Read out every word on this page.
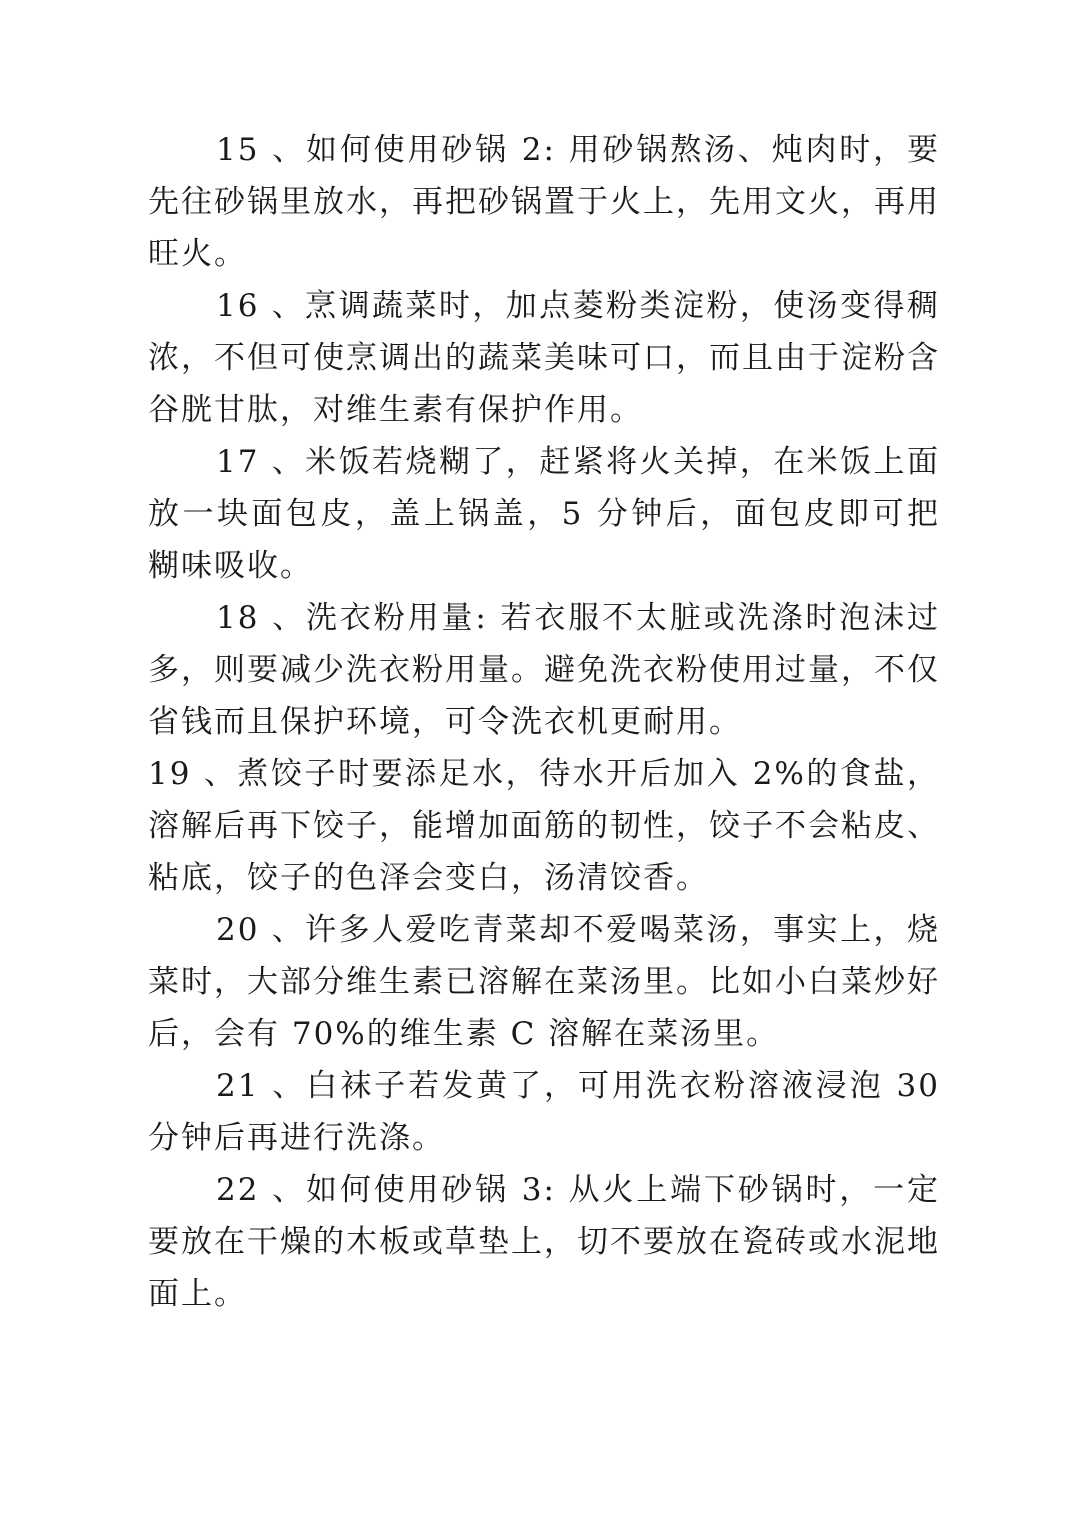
15 、如何使用砂锅 2: 用砂锅熬汤、炖肉时，要先往砂锅里放水，再把砂锅置于火上，先用文火，再用旺火。

16 、烹调蔬菜时，加点菱粉类淀粉，使汤变得稠浓，不但可使烹调出的蔬菜美味可口，而且由于淀粉含谷胱甘肽，对维生素有保护作用。

17 、米饭若烧糊了，赶紧将火关掉，在米饭上面放一块面包皮，盖上锅盖，5 分钟后，面包皮即可把糊味吸收。

18 、洗衣粉用量: 若衣服不太脏或洗涤时泡沫过多，则要减少洗衣粉用量。避免洗衣粉使用过量，不仅省钱而且保护环境，可令洗衣机更耐用。

19 、煮饺子时要添足水，待水开后加入 2%的食盐，溶解后再下饺子，能增加面筋的韧性，饺子不会粘皮、粘底，饺子的色泽会变白，汤清饺香。

20 、许多人爱吃青菜却不爱喝菜汤，事实上，烧菜时，大部分维生素已溶解在菜汤里。比如小白菜炒好后，会有 70%的维生素 C 溶解在菜汤里。

21 、白袜子若发黄了，可用洗衣粉溶液浸泡 30 分钟后再进行洗涤。

22 、如何使用砂锅 3: 从火上端下砂锅时，一定要放在干燥的木板或草垫上，切不要放在瓷砖或水泥地面上。
